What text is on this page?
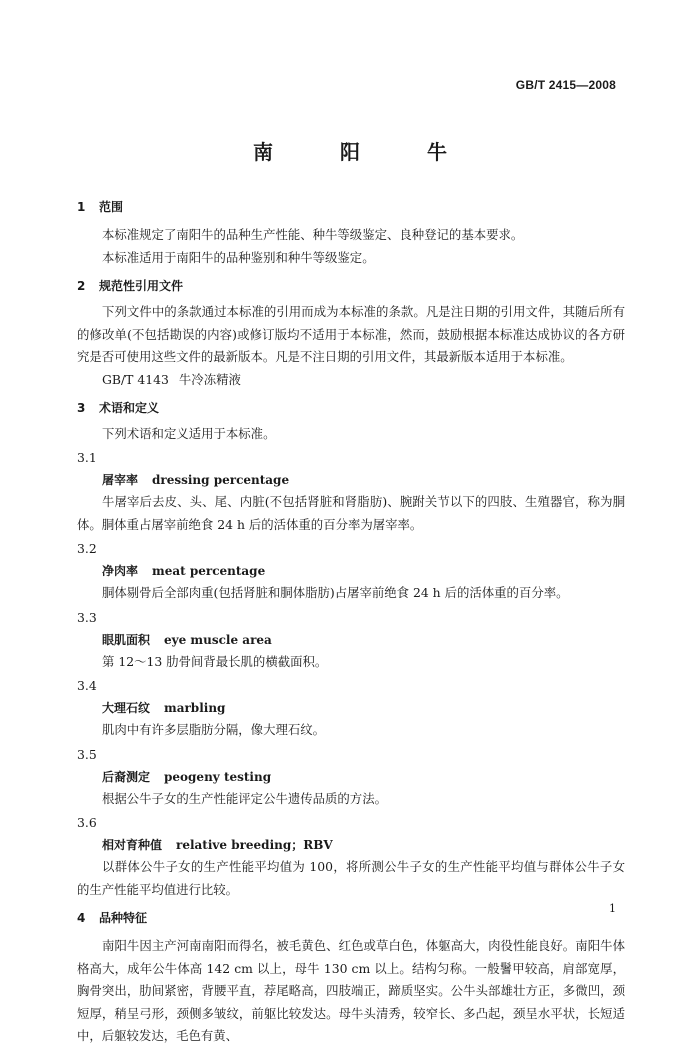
GB/T 2415—2008
南 阳 牛
1 范围

本标准规定了南阳牛的品种生产性能、种牛等级鉴定、良种登记的基本要求。

本标准适用于南阳牛的品种鉴别和种牛等级鉴定。

2 规范性引用文件

下列文件中的条款通过本标准的引用而成为本标准的条款。凡是注日期的引用文件，其随后所有的修改单(不包括勘误的内容)或修订版均不适用于本标准，然而，鼓励根据本标准达成协议的各方研究是否可使用这些文件的最新版本。凡是不注日期的引用文件，其最新版本适用于本标准。

GB/T 4143 牛冷冻精液
3 术语和定义

下列术语和定义适用于本标准。

3.1
屠宰率 dressing percentage

牛屠宰后去皮、头、尾、内脏(不包括肾脏和肾脂肪)、腕跗关节以下的四肢、生殖器官，称为胴体。胴体重占屠宰前绝食 24 h 后的活体重的百分率为屠宰率。

3.2
净肉率 meat percentage

胴体剔骨后全部肉重(包括肾脏和胴体脂肪)占屠宰前绝食 24 h 后的活体重的百分率。

3.3
眼肌面积 eye muscle area

第 12～13 肋骨间背最长肌的横截面积。

3.4
大理石纹 marbling

肌肉中有许多层脂肪分隔，像大理石纹。

3.5
后裔测定 peogeny testing

根据公牛子女的生产性能评定公牛遗传品质的方法。

3.6
相对育种值 relative breeding；RBV

以群体公牛子女的生产性能平均值为 100，将所测公牛子女的生产性能平均值与群体公牛子女的生产性能平均值进行比较。

4 品种特征

南阳牛因主产河南南阳而得名，被毛黄色、红色或草白色，体躯高大，肉役性能良好。南阳牛体格高大，成年公牛体高 142 cm 以上，母牛 130 cm 以上。结构匀称。一般鬐甲较高，肩部宽厚，胸骨突出，肋间紧密，背腰平直，荐尾略高，四肢端正，蹄质坚实。公牛头部雄壮方正，多微凹，颈短厚，稍呈弓形，颈侧多皱纹，前躯比较发达。母牛头清秀，较窄长、多凸起，颈呈水平状，长短适中，后躯较发达，毛色有黄、

1
